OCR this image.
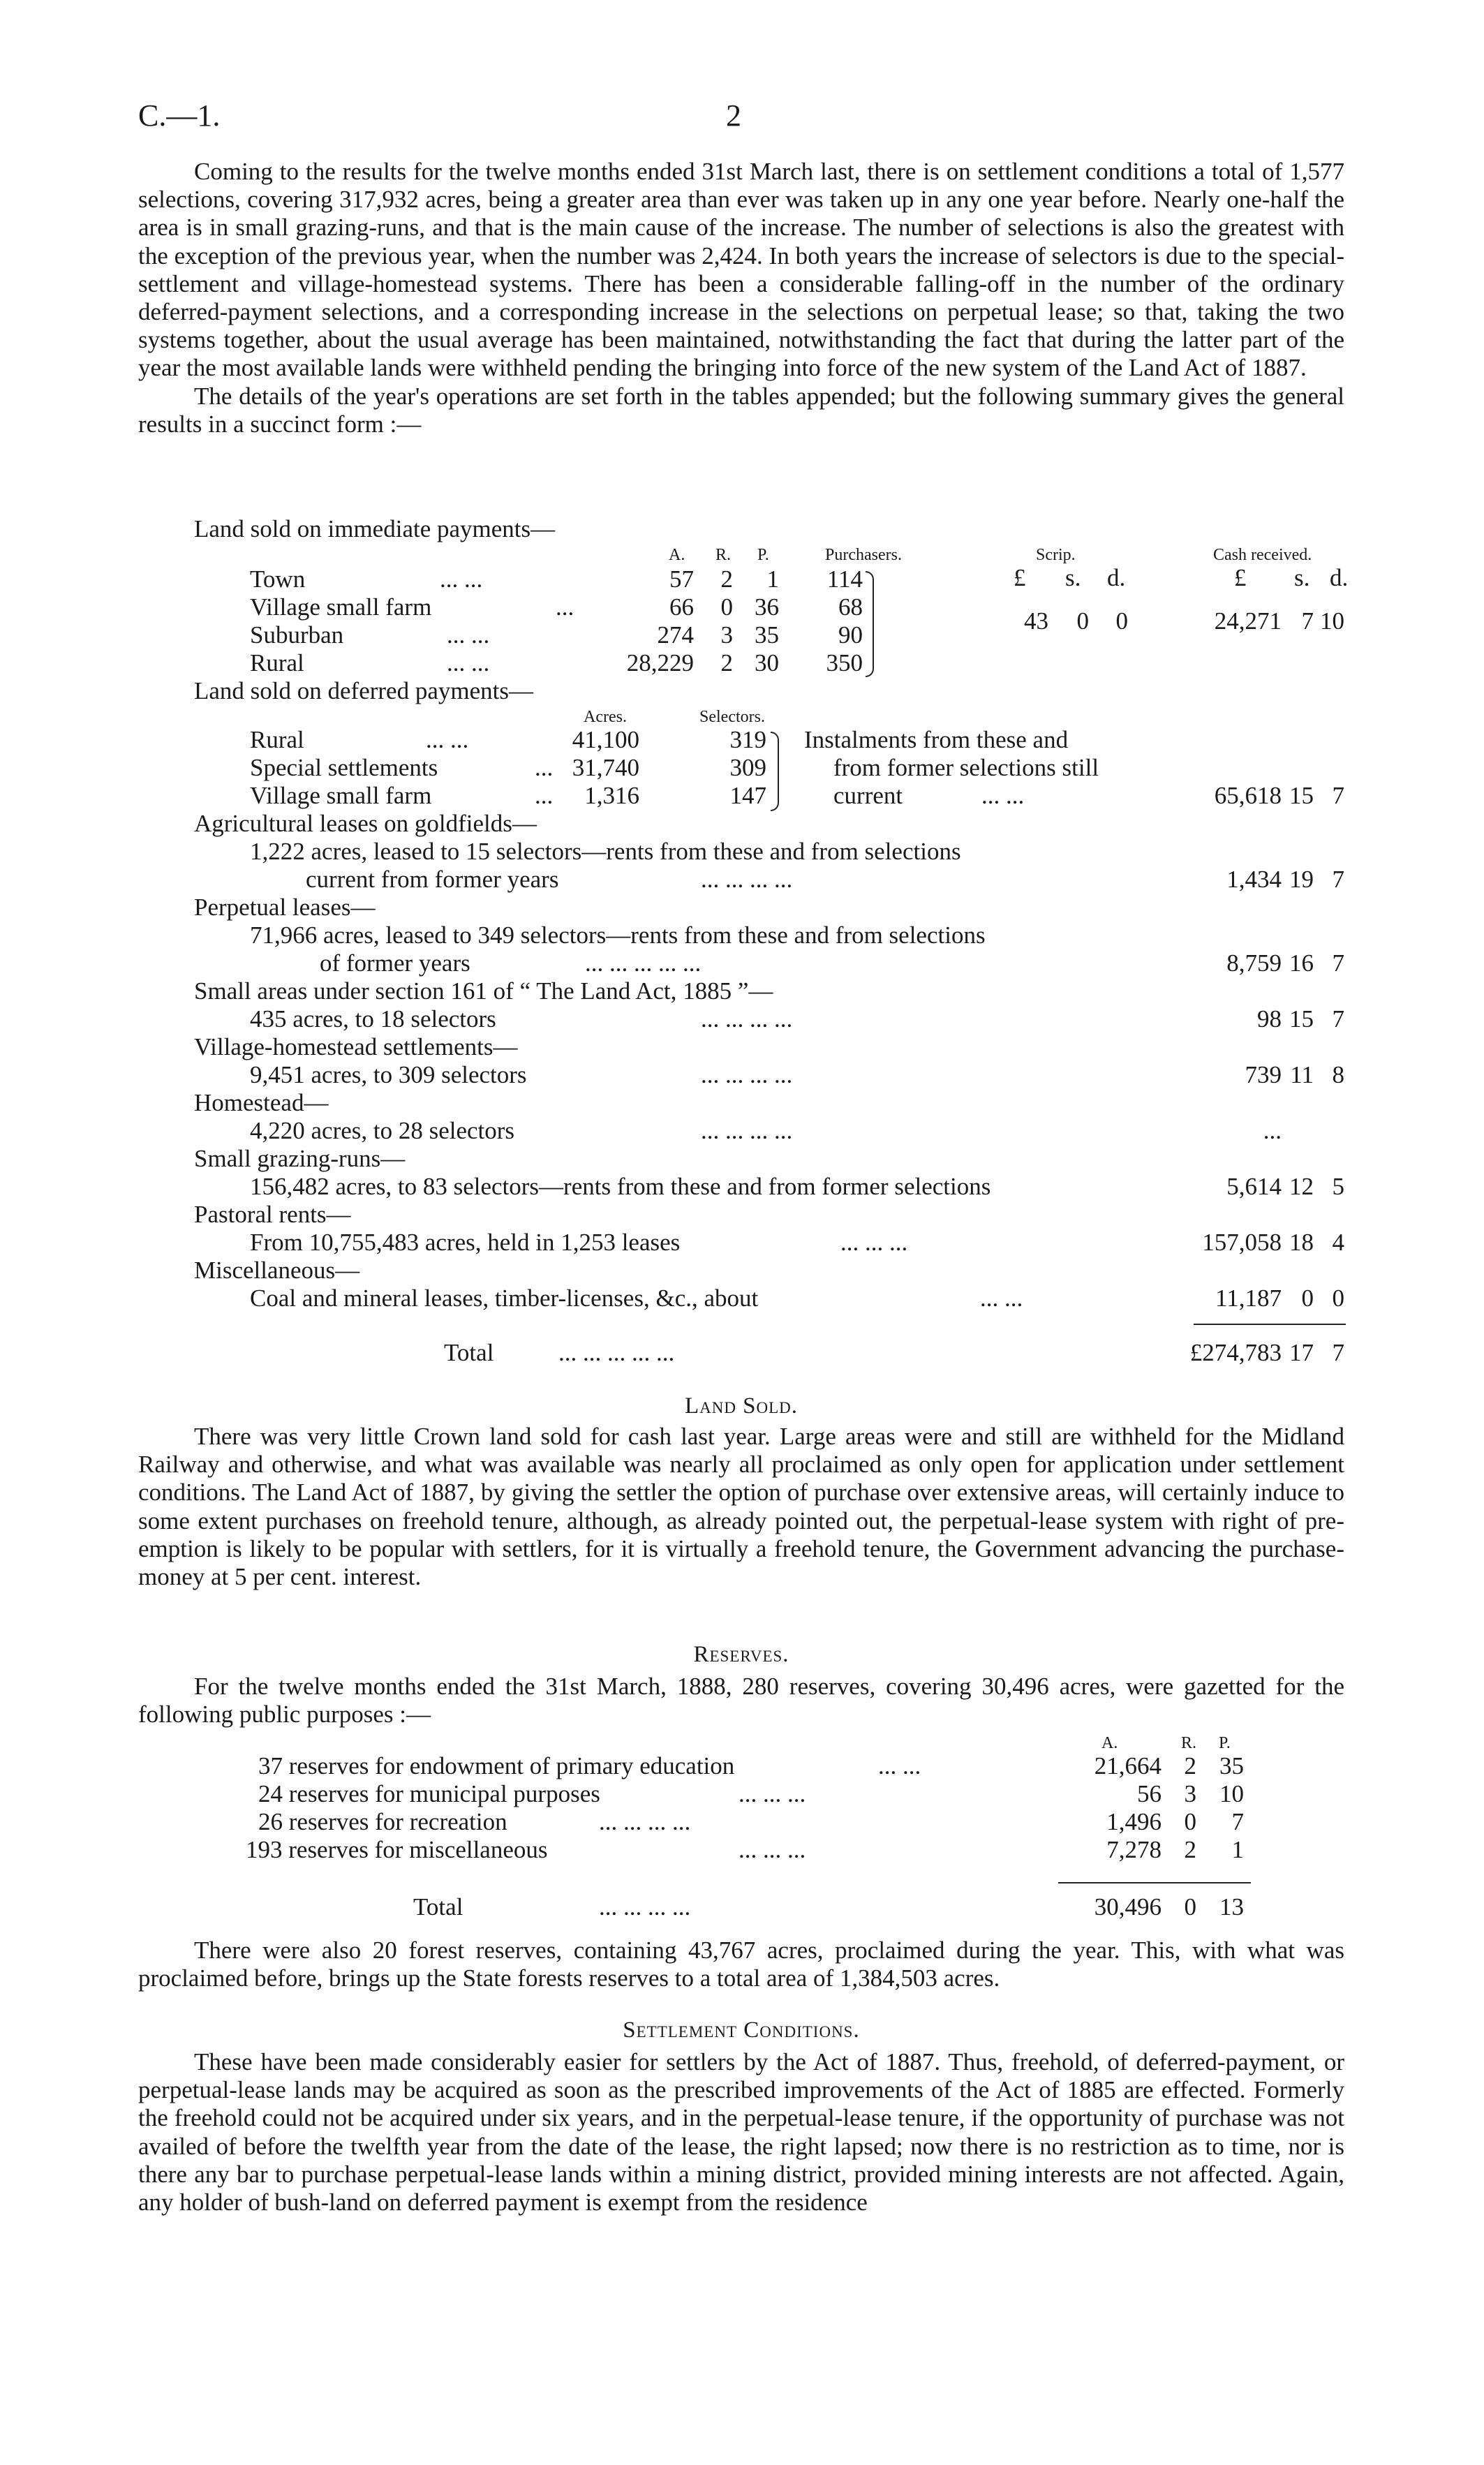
C.—1.	2

Coming to the results for the twelve months ended 31st March last, there is on settlement conditions a total of 1,577 selections, covering 317,932 acres, being a greater area than ever was taken up in any one year before. Nearly one-half the area is in small grazing-runs, and that is the main cause of the increase. The number of selections is also the greatest with the exception of the previous year, when the number was 2,424. In both years the increase of selectors is due to the special-settlement and village-homestead systems. There has been a considerable falling-off in the number of the ordinary deferred-payment selections, and a corresponding increase in the selections on perpetual lease; so that, taking the two systems together, about the usual average has been maintained, notwithstanding the fact that during the latter part of the year the most available lands were withheld pending the bringing into force of the new system of the Land Act of 1887.

The details of the year's operations are set forth in the tables appended; but the following summary gives the general results in a succinct form :—

Land sold on immediate payments—
A. R. P.	Purchasers.	Scrip.	Cash received.
£ s. d.	£ s. d.
Town	... ...	57	2	1	114
Village small farm	...	66	0 36	68
Suburban	... ...	274	3 35	90
Rural	... ...	28,229	2 30	350
43	0	0	24,271 7 10
Land sold on deferred payments—
Acres.	Selectors.
Rural	... ...	41,100	319
Special settlements	... 31,740	309
Village small farm	...	1,316	147
Instalments from these and
from former selections still
current	... ...	65,618 15 7
Agricultural leases on goldfields—
1,222 acres, leased to 15 selectors—rents from these and from selections
current from former years	... ... ... ...	1,434 19 7
Perpetual leases—
71,966 acres, leased to 349 selectors—rents from these and from selections
of former years	... ... ... ... ...	8,759 16 7
Small areas under section 161 of “ The Land Act, 1885 ”—
435 acres, to 18 selectors	... ... ... ...	98 15 7
Village-homestead settlements—
9,451 acres, to 309 selectors	... ... ... ...	739 11 8
Homestead—
4,220 acres, to 28 selectors	... ... ... ...	...
Small grazing-runs—
156,482 acres, to 83 selectors—rents from these and from former selections	5,614 12 5
Pastoral rents—
From 10,755,483 acres, held in 1,253 leases	... ... ...	157,058 18 4
Miscellaneous—
Coal and mineral leases, timber-licenses, &c., about	... ...	11,187 0 0
Total	... ... ... ... ...	£274,783 17 7
Land Sold.

There was very little Crown land sold for cash last year. Large areas were and still are withheld for the Midland Railway and otherwise, and what was available was nearly all proclaimed as only open for application under settlement conditions. The Land Act of 1887, by giving the settler the option of purchase over extensive areas, will certainly induce to some extent purchases on freehold tenure, although, as already pointed out, the perpetual-lease system with right of pre-emption is likely to be popular with settlers, for it is virtually a freehold tenure, the Government advancing the purchase-money at 5 per cent. interest.

Reserves.

For the twelve months ended the 31st March, 1888, 280 reserves, covering 30,496 acres, were gazetted for the following public purposes :—

A.	R. P.
37 reserves for endowment of primary education	... ...	21,664 2 35
24 reserves for municipal purposes	... ... ...	56 3 10
26 reserves for recreation	... ... ... ...	1,496 0	7
193 reserves for miscellaneous	... ... ...	7,278 2	1
Total	... ... ... ...	30,496 0 13

There were also 20 forest reserves, containing 43,767 acres, proclaimed during the year. This, with what was proclaimed before, brings up the State forests reserves to a total area of 1,384,503 acres.

Settlement Conditions.

These have been made considerably easier for settlers by the Act of 1887. Thus, freehold, of deferred-payment, or perpetual-lease lands may be acquired as soon as the prescribed improvements of the Act of 1885 are effected. Formerly the freehold could not be acquired under six years, and in the perpetual-lease tenure, if the opportunity of purchase was not availed of before the twelfth year from the date of the lease, the right lapsed; now there is no restriction as to time, nor is there any bar to purchase perpetual-lease lands within a mining district, provided mining interests are not affected. Again, any holder of bush-land on deferred payment is exempt from the residence
